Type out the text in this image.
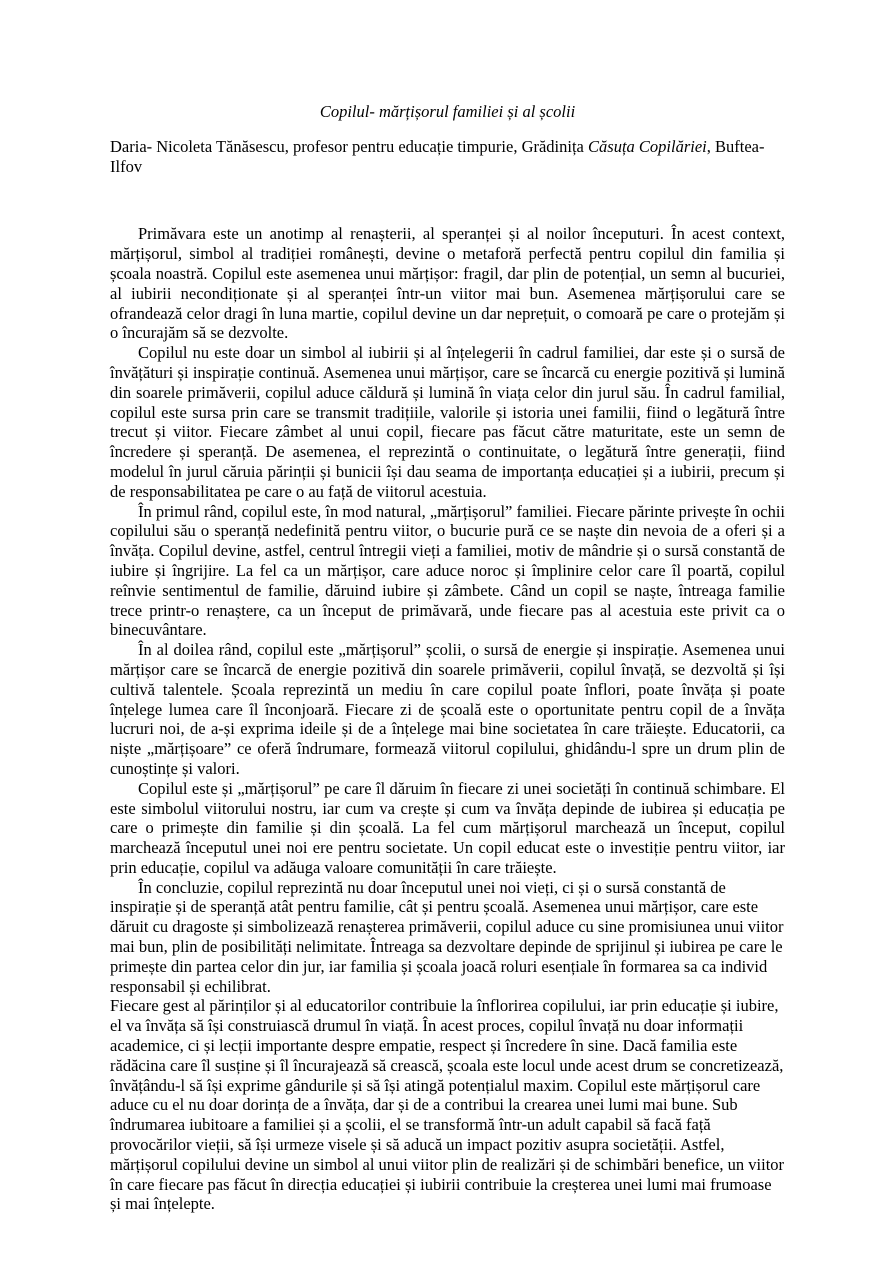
Copilul- mărțișorul familiei și al școlii
Daria- Nicoleta Tănăsescu, profesor pentru educație timpurie, Grădinița Căsuța Copilăriei, Buftea-Ilfov

Primăvara este un anotimp al renașterii, al speranței și al noilor începuturi. În acest context, mărțișorul, simbol al tradiției românești, devine o metaforă perfectă pentru copilul din familia și școala noastră. Copilul este asemenea unui mărțișor: fragil, dar plin de potențial, un semn al bucuriei, al iubirii necondiționate și al speranței într-un viitor mai bun. Asemenea mărțișorului care se ofrandează celor dragi în luna martie, copilul devine un dar neprețuit, o comoară pe care o protejăm și o încurajăm să se dezvolte.

Copilul nu este doar un simbol al iubirii și al înțelegerii în cadrul familiei, dar este și o sursă de învățături și inspirație continuă. Asemenea unui mărțișor, care se încarcă cu energie pozitivă și lumină din soarele primăverii, copilul aduce căldură și lumină în viața celor din jurul său. În cadrul familial, copilul este sursa prin care se transmit tradițiile, valorile și istoria unei familii, fiind o legătură între trecut și viitor. Fiecare zâmbet al unui copil, fiecare pas făcut către maturitate, este un semn de încredere și speranță. De asemenea, el reprezintă o continuitate, o legătură între generații, fiind modelul în jurul căruia părinții și bunicii își dau seama de importanța educației și a iubirii, precum și de responsabilitatea pe care o au față de viitorul acestuia.

În primul rând, copilul este, în mod natural, „mărțișorul” familiei. Fiecare părinte privește în ochii copilului său o speranță nedefinită pentru viitor, o bucurie pură ce se naște din nevoia de a oferi și a învăța. Copilul devine, astfel, centrul întregii vieți a familiei, motiv de mândrie și o sursă constantă de iubire și îngrijire. La fel ca un mărțișor, care aduce noroc și împlinire celor care îl poartă, copilul reînvie sentimentul de familie, dăruind iubire și zâmbete. Când un copil se naște, întreaga familie trece printr-o renaștere, ca un început de primăvară, unde fiecare pas al acestuia este privit ca o binecuvântare.

În al doilea rând, copilul este „mărțișorul” școlii, o sursă de energie și inspirație. Asemenea unui mărțișor care se încarcă de energie pozitivă din soarele primăverii, copilul învață, se dezvoltă și își cultivă talentele. Școala reprezintă un mediu în care copilul poate înflori, poate învăța și poate înțelege lumea care îl înconjoară. Fiecare zi de școală este o oportunitate pentru copil de a învăța lucruri noi, de a-și exprima ideile și de a înțelege mai bine societatea în care trăiește. Educatorii, ca niște „mărțișoare” ce oferă îndrumare, formează viitorul copilului, ghidându-l spre un drum plin de cunoștințe și valori.

Copilul este și „mărțișorul” pe care îl dăruim în fiecare zi unei societăți în continuă schimbare. El este simbolul viitorului nostru, iar cum va crește și cum va învăța depinde de iubirea și educația pe care o primește din familie și din școală. La fel cum mărțișorul marchează un început, copilul marchează începutul unei noi ere pentru societate. Un copil educat este o investiție pentru viitor, iar prin educație, copilul va adăuga valoare comunității în care trăiește.

În concluzie, copilul reprezintă nu doar începutul unei noi vieți, ci și o sursă constantă de inspirație și de speranță atât pentru familie, cât și pentru școală. Asemenea unui mărțișor, care este dăruit cu dragoste și simbolizează renașterea primăverii, copilul aduce cu sine promisiunea unui viitor mai bun, plin de posibilități nelimitate. Întreaga sa dezvoltare depinde de sprijinul și iubirea pe care le primește din partea celor din jur, iar familia și școala joacă roluri esențiale în formarea sa ca individ responsabil și echilibrat.

Fiecare gest al părinților și al educatorilor contribuie la înflorirea copilului, iar prin educație și iubire, el va învăța să își construiască drumul în viață. În acest proces, copilul învață nu doar informații academice, ci și lecții importante despre empatie, respect și încredere în sine. Dacă familia este rădăcina care îl susține și îl încurajează să crească, școala este locul unde acest drum se concretizează, învățându-l să își exprime gândurile și să își atingă potențialul maxim. Copilul este mărțișorul care aduce cu el nu doar dorința de a învăța, dar și de a contribui la crearea unei lumi mai bune. Sub îndrumarea iubitoare a familiei și a școlii, el se transformă într-un adult capabil să facă față provocărilor vieții, să își urmeze visele și să aducă un impact pozitiv asupra societății. Astfel, mărțișorul copilului devine un simbol al unui viitor plin de realizări și de schimbări benefice, un viitor în care fiecare pas făcut în direcția educației și iubirii contribuie la creșterea unei lumi mai frumoase și mai înțelepte.
